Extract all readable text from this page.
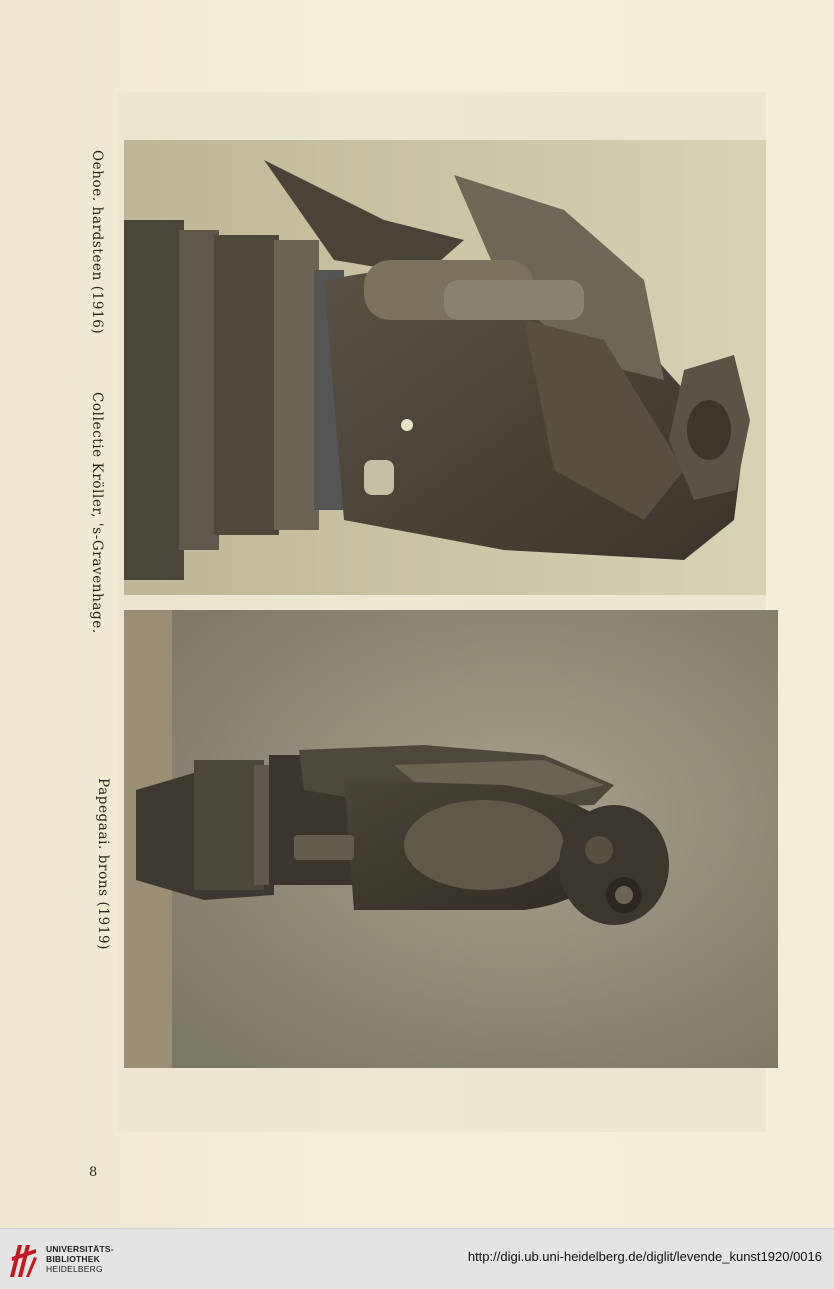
Oehoe. hardsteen (1916)
Collectie Kröller, 's-Gravenhage.
Papegaai. brons (1919)
8
UNIVERSITÄTS-
BIBLIOTHEK
HEIDELBERG
http://digi.ub.uni-heidelberg.de/diglit/levende_kunst1920/0016
